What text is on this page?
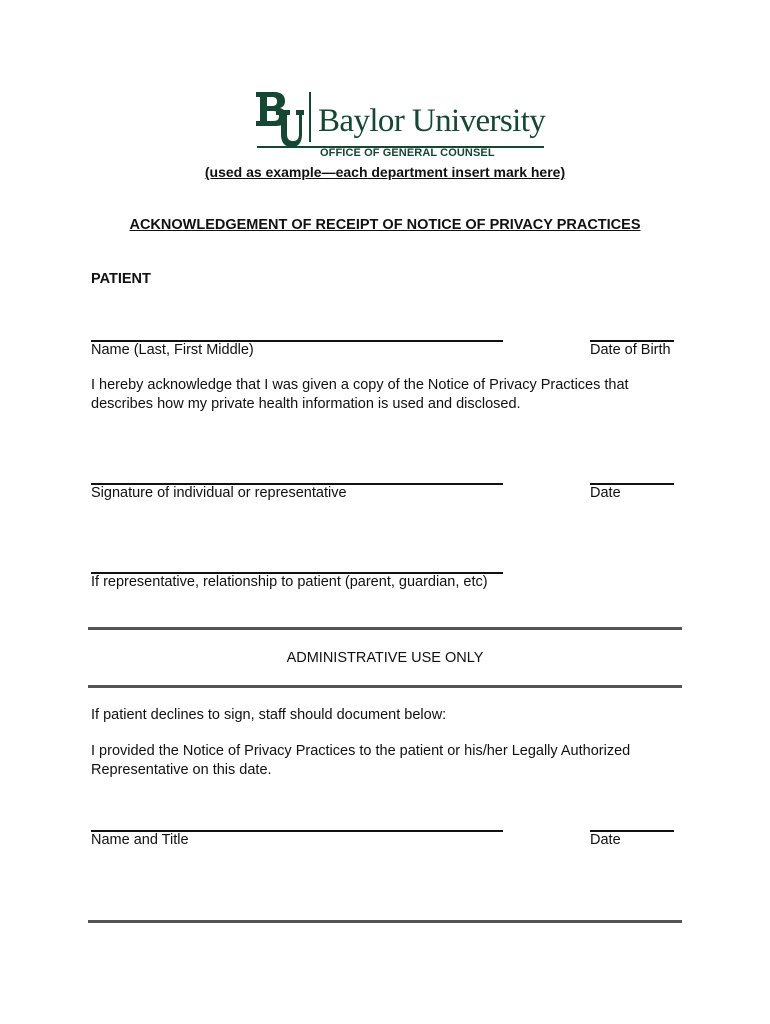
Baylor University
OFFICE OF GENERAL COUNSEL
(used as example—each department insert mark here)
ACKNOWLEDGEMENT OF RECEIPT OF NOTICE OF PRIVACY PRACTICES
PATIENT
Name (Last, First Middle)	Date of Birth
I hereby acknowledge that I was given a copy of the Notice of Privacy Practices that
describes how my private health information is used and disclosed.
Signature of individual or representative	Date
If representative, relationship to patient (parent, guardian, etc)
ADMINISTRATIVE USE ONLY
If patient declines to sign, staff should document below:
I provided the Notice of Privacy Practices to the patient or his/her Legally Authorized
Representative on this date.
Name and Title	Date
